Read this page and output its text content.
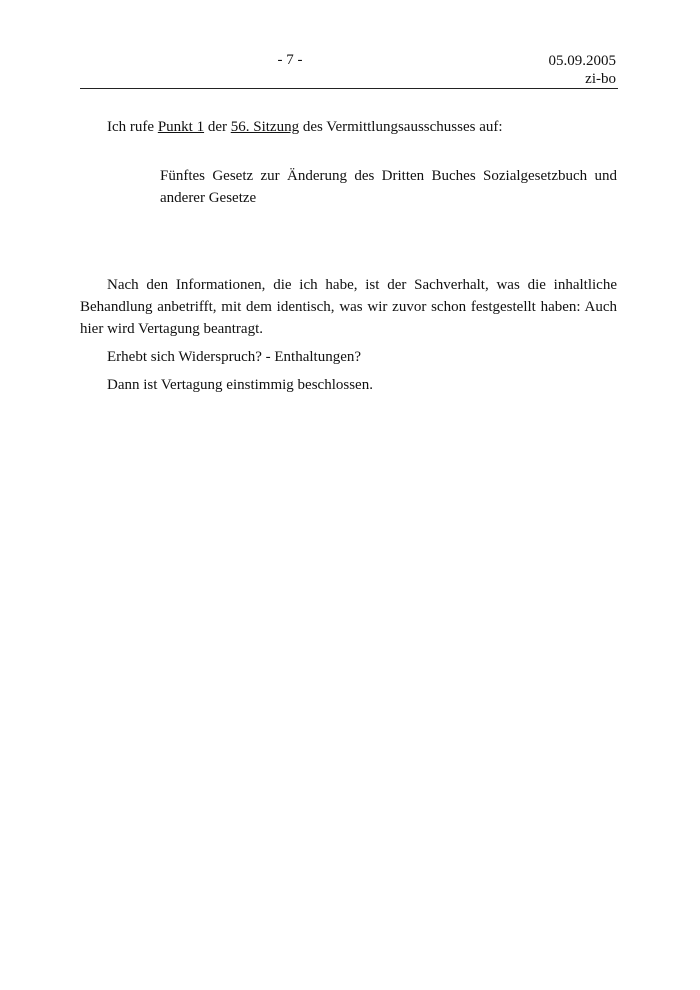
- 7 -	05.09.2005
zi-bo

Ich rufe Punkt 1 der 56. Sitzung des Vermittlungsausschusses auf:

Fünftes Gesetz zur Änderung des Dritten Buches Sozialgesetzbuch und anderer Gesetze

Nach den Informationen, die ich habe, ist der Sachverhalt, was die inhaltliche Behandlung anbetrifft, mit dem identisch, was wir zuvor schon festgestellt haben: Auch hier wird Vertagung beantragt.

Erhebt sich Widerspruch? - Enthaltungen?

Dann ist Vertagung einstimmig beschlossen.
